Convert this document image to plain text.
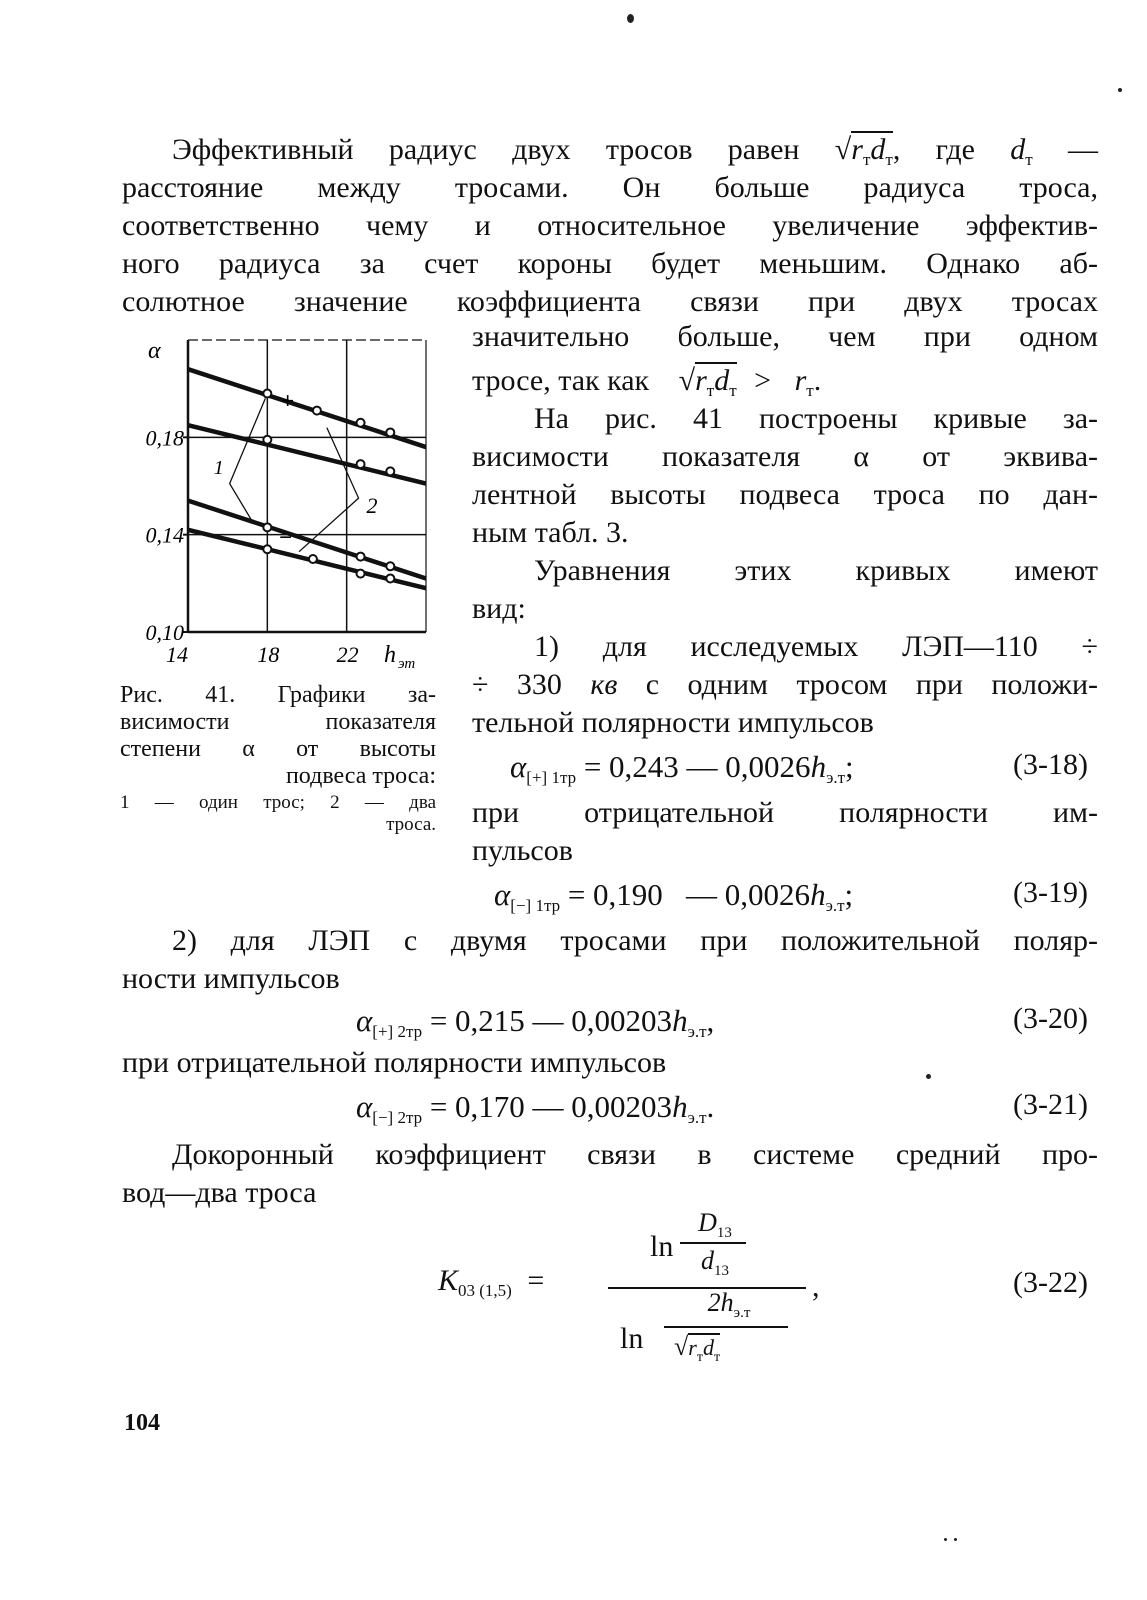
Эффективный радиус двух тросов равен $√r_тd_т$, где $d_т$ —
расстояние между тросами. Он больше радиуса троса,
соответственно чему и относительное увеличение эффектив-
ного радиуса за счет короны будет меньшим. Однако аб-
солютное значение коэффициента связи при двух тросах
значительно больше, чем при одном
тросе, так как $√r_тd_т > r_т$.
На рис. 41 построены кривые за-
висимости показателя α от эквива-
лентной высоты подвеса троса по дан-
ным табл. 3.
Уравнения этих кривых имеют
вид:
1) для исследуемых ЛЭП—110 ÷
÷ 330 кв с одним тросом при положи-
тельной полярности импульсов
$\alpha_{[+] 1тр} = 0,243$ — $0,0026h_{э.т}$;	(3-18)
при отрицательной полярности им-
пульсов
$\alpha_{[-] 1тр} = 0,190$   — $0,0026h_{э.т}$;	(3-19)
2) для ЛЭП с двумя тросами при положительной поляр-
ности импульсов
$\alpha_{[+] 2тр} = 0,215$ — $0,00203h_{э.т}$,	(3-20)
при отрицательной полярности импульсов
$\alpha_{[-] 2тр} = 0,170$ — $0,00203h_{э.т}$.	(3-21)
Докоронный коэффициент связи в системе средний про-
вод—два троса
$K_{03 (1,5)}$ =	,
ln
$D_{13}$
$d_{13}$
$2h_{э.т}$
$\ln √r_тd_т$
(3-22)
14	18	22
0,10
0,14
0,18
α
h эт
+
−
1
2
Рис. 41. Графики за-
висимости показателя
степени α от высоты
подвеса троса:
1 — один трос; 2 — два
троса.
104
